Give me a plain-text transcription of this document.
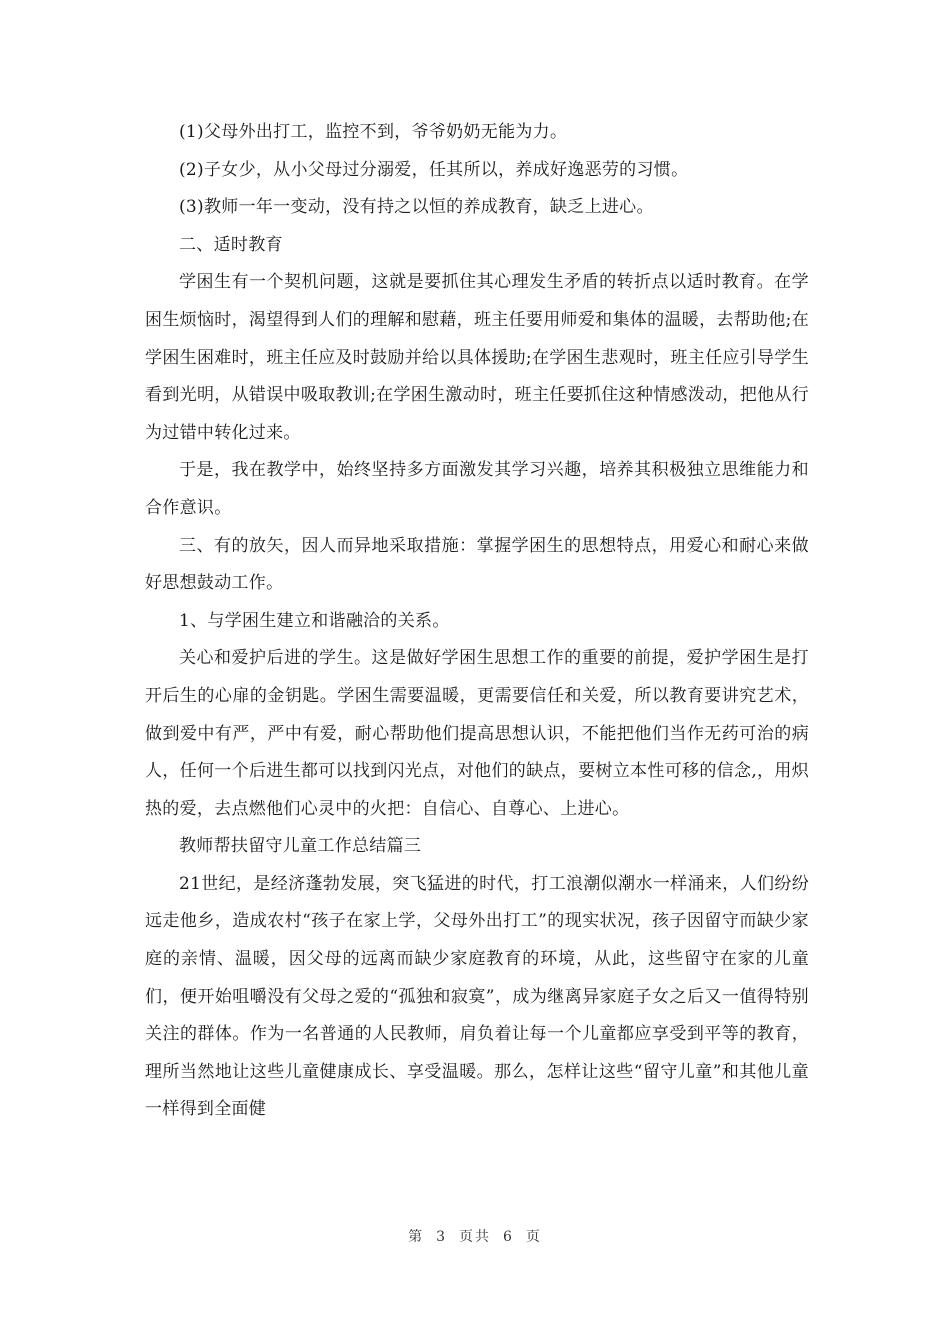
(1)父母外出打工，监控不到，爷爷奶奶无能为力。

(2)子女少，从小父母过分溺爱，任其所以，养成好逸恶劳的习惯。

(3)教师一年一变动，没有持之以恒的养成教育，缺乏上进心。

二、适时教育

学困生有一个契机问题，这就是要抓住其心理发生矛盾的转折点以适时教育。在学困生烦恼时，渴望得到人们的理解和慰藉，班主任要用师爱和集体的温暖，去帮助他;在学困生困难时，班主任应及时鼓励并给以具体援助;在学困生悲观时，班主任应引导学生看到光明，从错误中吸取教训;在学困生激动时，班主任要抓住这种情感泼动，把他从行为过错中转化过来。

于是，我在教学中，始终坚持多方面激发其学习兴趣，培养其积极独立思维能力和合作意识。

三、有的放矢，因人而异地采取措施：掌握学困生的思想特点，用爱心和耐心来做好思想鼓动工作。

1、与学困生建立和谐融洽的关系。

关心和爱护后进的学生。这是做好学困生思想工作的重要的前提，爱护学困生是打开后生的心扉的金钥匙。学困生需要温暖，更需要信任和关爱，所以教育要讲究艺术，做到爱中有严，严中有爱，耐心帮助他们提高思想认识，不能把他们当作无药可治的病人，任何一个后进生都可以找到闪光点，对他们的缺点，要树立本性可移的信念,，用炽热的爱，去点燃他们心灵中的火把：自信心、自尊心、上进心。

教师帮扶留守儿童工作总结篇三

21世纪，是经济蓬勃发展，突飞猛进的时代，打工浪潮似潮水一样涌来，人们纷纷远走他乡，造成农村“孩子在家上学，父母外出打工”的现实状况，孩子因留守而缺少家庭的亲情、温暖，因父母的远离而缺少家庭教育的环境，从此，这些留守在家的儿童们，便开始咀嚼没有父母之爱的“孤独和寂寞”，成为继离异家庭子女之后又一值得特别关注的群体。作为一名普通的人民教师，肩负着让每一个儿童都应享受到平等的教育，理所当然地让这些儿童健康成长、享受温暖。那么，怎样让这些“留守儿童”和其他儿童一样得到全面健

第 3 页共 6 页
